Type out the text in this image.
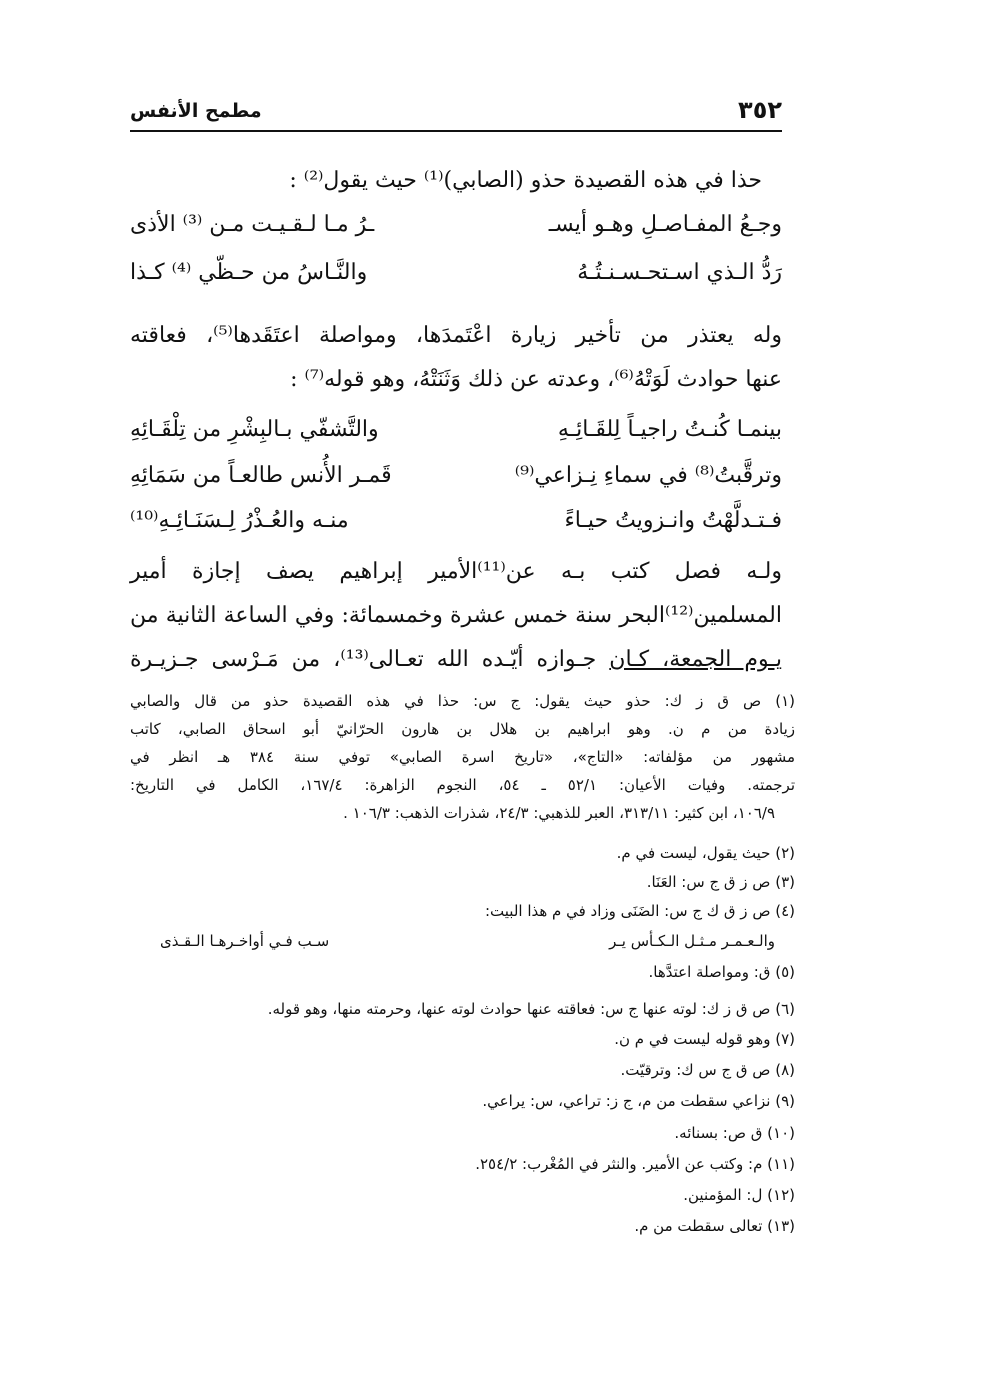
٣٥٢
مطمح الأنفس
حذا في هذه القصيدة حذو (الصابي)⁽¹⁾ حيث يقول⁽²⁾ :
وجـعُ المفـاصـلِ وهـو أيسـ
ـرُ مـا لـقـيـت مـن ⁽³⁾ الأذى
رَدُّ الـذي اسـتحـسـنـتُـهُ
والنَّـاسُ من حـظّي ⁽⁴⁾ كـذا
وله يعتذر من تأخير زيارة اعْتَمدَها، ومواصلة اعتَقَدها⁽⁵⁾، فعاقته
عنها حوادث لَوَتْهُ⁽⁶⁾، وعدته عن ذلك وَثَنَتْهُ، وهو قوله⁽⁷⁾ :
بينمـا كُنـتُ راجيـاً لِلقَـائِـهِ
والتَّشفّي بـالبِشْرِ من تِلْقَـائِهِ
وترقَّبتُ⁽⁸⁾ في سماءِ نِـزاعي⁽⁹⁾
قَمـر الأُنس طالعـاً من سَمَائِهِ
فـتـدلَّهْتُ وانـزويتُ حيـاءً
منـه والعُـذْرُ لِـسَنَـائِـهِ⁽¹⁰⁾
ولـه فصل كتب بـه عن⁽¹¹⁾الأمير إبراهيم يصف إجازة أمير
المسلمين⁽¹²⁾البحر سنة خمس عشرة وخمسمائة: وفي الساعة الثانية من
يـوم الجمعة، كـان جـوازه أيّـده الله تعـالى⁽¹³⁾، من مَـرْسى جـزيـرة
(١) ص ق ز ك: حذو حيث يقول: ج س: حذا في هذه القصيدة حذو من قال والصابي
زيادة من م ن. وهو ابراهيم بن هلال بن هارون الحرّانيّ أبو اسحاق الصابي، كاتب
مشهور من مؤلفاته: «التاج»، «تاريخ اسرة الصابي» توفي سنة ٣٨٤ هـ انظر في
ترجمته. وفيات الأعيان: ٥٢/١ ـ ٥٤، النجوم الزاهرة: ١٦٧/٤، الكامل في التاريخ:
١٠٦/٩، ابن كثير: ٣١٣/١١، العبر للذهبي: ٢٤/٣، شذرات الذهب: ١٠٦/٣ .
(٢) حيث يقول، ليست في م.
(٣) ص ز ق ج س: العَنَا.
(٤) ص ز ق ك ج س: الضَنَى وزاد في م هذا البيت:
والـعـمـر مـثـل الـكـأس يـر
سـب فـي أواخـرهـا الـقـذى
(٥) ق: ومواصلة اعتدَّها.
(٦) ص ق ز ك: لوته عنها ج س: فعاقته عنها حوادث لوته عنها، وحرمته منها، وهو قوله.
(٧) وهو قوله ليست في م ن.
(٨) ص ق ج س ك: وترقيّت.
(٩) نزاعي سقطت من م، ج ز: تراعي، س: يراعي.
(١٠) ق ص: بسنائه.
(١١) م: وكتب عن الأمير. والنثر في المُغْرب: ٢٥٤/٢.
(١٢) ل: المؤمنين.
(١٣) تعالى سقطت من م.
